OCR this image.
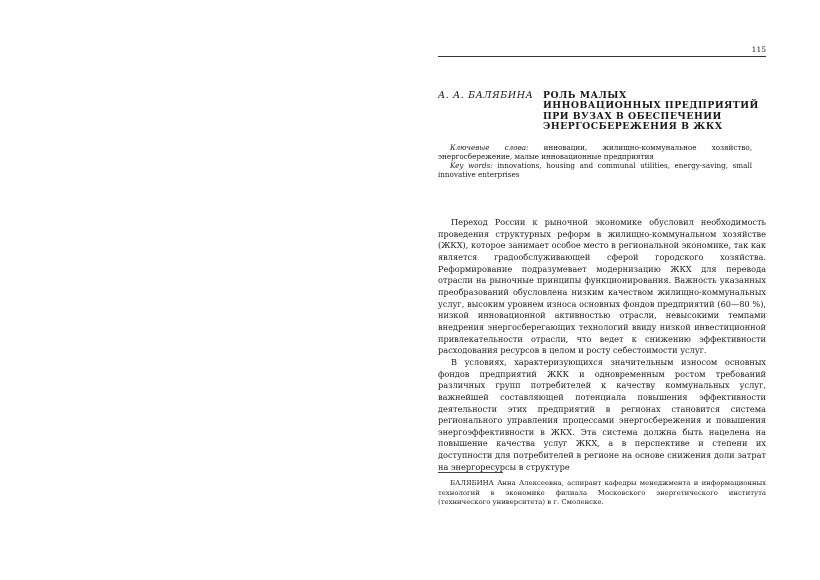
115
А. А. БАЛЯБИНА	РОЛЬ МАЛЫХ
ИННОВАЦИОННЫХ ПРЕДПРИЯТИЙ
ПРИ ВУЗАХ В ОБЕСПЕЧЕНИИ
ЭНЕРГОСБЕРЕЖЕНИЯ В ЖКХ

Ключевые слова: инновации, жилищно-коммунальное хозяйство, энергосбережение, малые инновационные предприятия

Key words: innovations, housing and communal utilities, energy-saving, small innovative enterprises

Переход России к рыночной экономике обусловил необходимость проведения структурных реформ в жилищно-коммунальном хозяйстве (ЖКХ), которое занимает особое место в региональной экономике, так как является градообслуживающей сферой городского хозяйства. Реформирование подразумевает модернизацию ЖКХ для перевода отрасли на рыночные принципы функционирования. Важность указанных преобразований обусловлена низким качеством жилищно-коммунальных услуг, высоким уровнем износа основных фондов предприятий (60—80 %), низкой инновационной активностью отрасли, невысокими темпами внедрения энергосберегающих технологий ввиду низкой инвестиционной привлекательности отрасли, что ведет к снижению эффективности расходования ресурсов в целом и росту себестоимости услуг.

В условиях, характеризующихся значительным износом основных фондов предприятий ЖКК и одновременным ростом требований различных групп потребителей к качеству коммунальных услуг, важнейшей составляющей потенциала повышения эффективности деятельности этих предприятий в регионах становится система регионального управления процессами энергосбережения и повышения энергоэффективности в ЖКХ. Эта система должна быть нацелена на повышение качества услуг ЖКХ, а в перспективе и степени их доступности для потребителей в регионе на основе снижения доли затрат на энергоресурсы в структуре

БАЛЯБИНА Анна Алексеевна, аспирант кафедры менеджмента и информационных технологий в экономике филиала Московского энергетического института (технического университета) в г. Смоленске.
